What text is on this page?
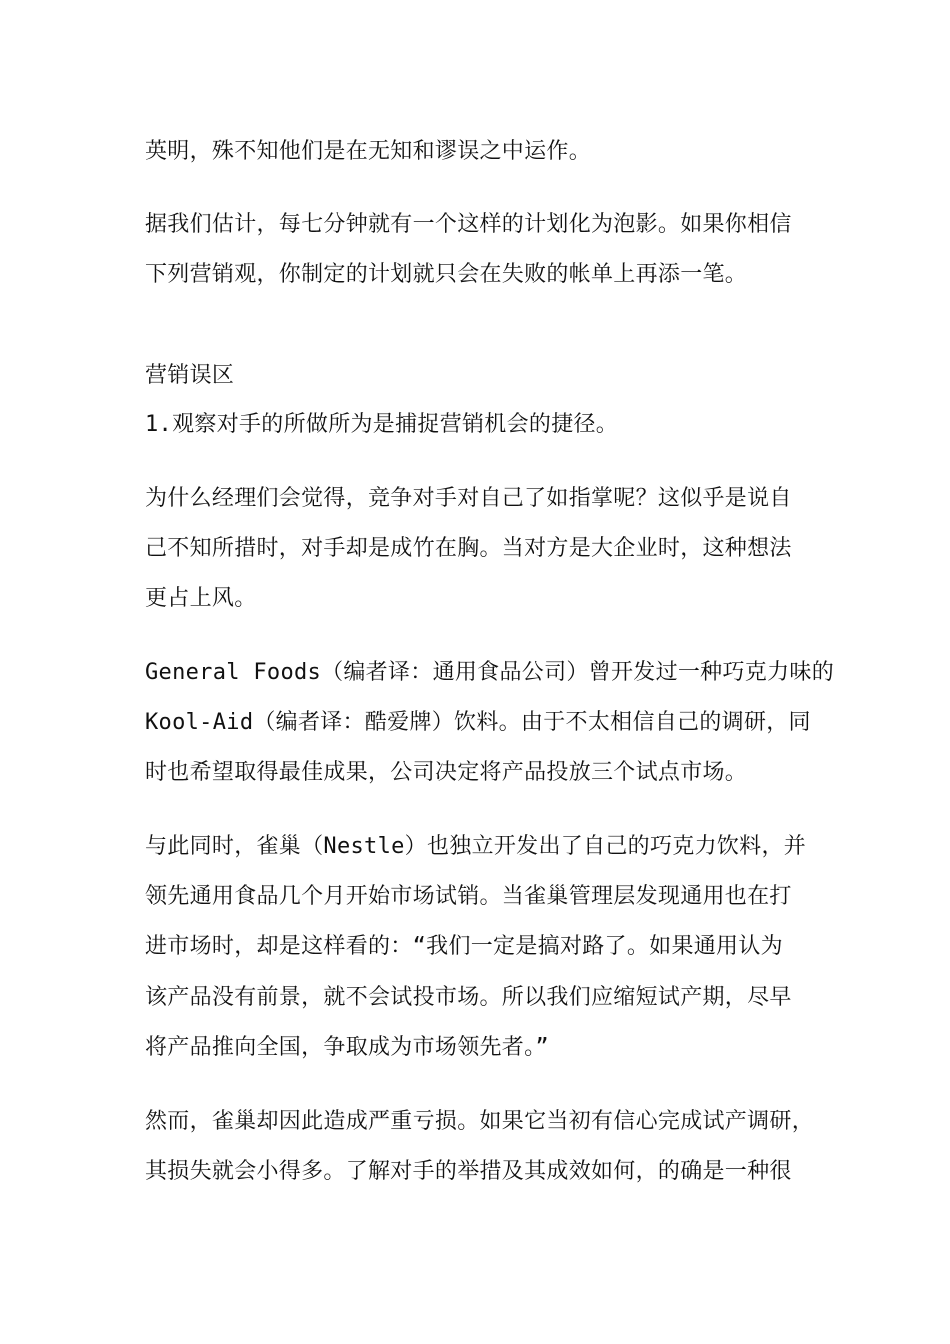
英明，殊不知他们是在无知和谬误之中运作。

据我们估计，每七分钟就有一个这样的计划化为泡影。如果你相信

下列营销观，你制定的计划就只会在失败的帐单上再添一笔。

营销误区

1.观察对手的所做所为是捕捉营销机会的捷径。

为什么经理们会觉得，竞争对手对自己了如指掌呢？这似乎是说自

己不知所措时，对手却是成竹在胸。当对方是大企业时，这种想法

更占上风。

General Foods（编者译：通用食品公司）曾开发过一种巧克力味的

Kool-Aid（编者译：酷爱牌）饮料。由于不太相信自己的调研，同

时也希望取得最佳成果，公司决定将产品投放三个试点市场。

与此同时，雀巢（Nestle）也独立开发出了自己的巧克力饮料，并

领先通用食品几个月开始市场试销。当雀巢管理层发现通用也在打

进市场时，却是这样看的：“我们一定是搞对路了。如果通用认为

该产品没有前景，就不会试投市场。所以我们应缩短试产期，尽早

将产品推向全国，争取成为市场领先者。”

然而，雀巢却因此造成严重亏损。如果它当初有信心完成试产调研，

其损失就会小得多。了解对手的举措及其成效如何，的确是一种很
